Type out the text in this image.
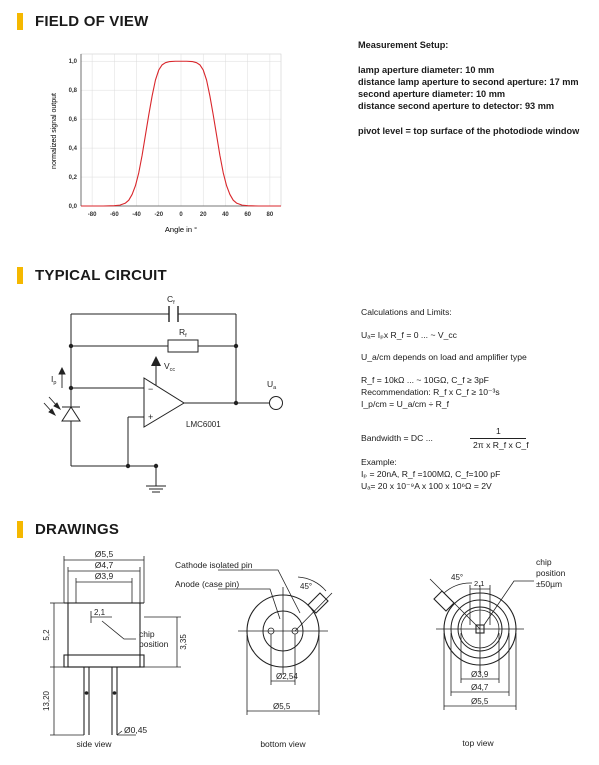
FIELD OF VIEW
-80 -60 -40 -20	0	20	40	60	80
0,0
0,2
0,4
0,6
0,8
1,0
Angle in °
normalized signal output
Measurement Setup:
lamp aperture diameter: 10 mm
distance lamp aperture to second aperture: 17 mm
second aperture diameter: 10 mm
distance second aperture to detector: 93 mm
pivot level = top surface of the photodiode window
TYPICAL CIRCUIT
$C_f$
$R_f$
$V_{cc}$
$I_p$	$U_a$
LMC6001
−
+
Calculations and Limits:
Uₐ= Iₚx R_f = 0 ... ~ V_cc
U_a/cm depends on load and amplifier type
R_f = 10kΩ ... ~ 10GΩ, C_f ≥ 3pF
Recommendation: R_f x C_f ≥ 10⁻³s
I_p/cm = U_a/cm ÷ R_f
Bandwidth = DC ...
1
2π x R_f x C_f
Example:
Iₚ = 20nA, R_f =100MΩ, C_f=100 pF
Uₐ= 20 x 10⁻⁹A x 100 x 10⁶Ω = 2V
DRAWINGS
Ø5,5
Ø4,7
Ø3,9
2,1
chip
position
5,2	3,35
13,20
Ø0,45
side view
Cathode isolated pin
Anode (case pin)	45°
Ø2,54
Ø5,5
bottom view
45°
2,1
chip
position
±50µm
Ø3,9
Ø4,7
Ø5,5
top view
